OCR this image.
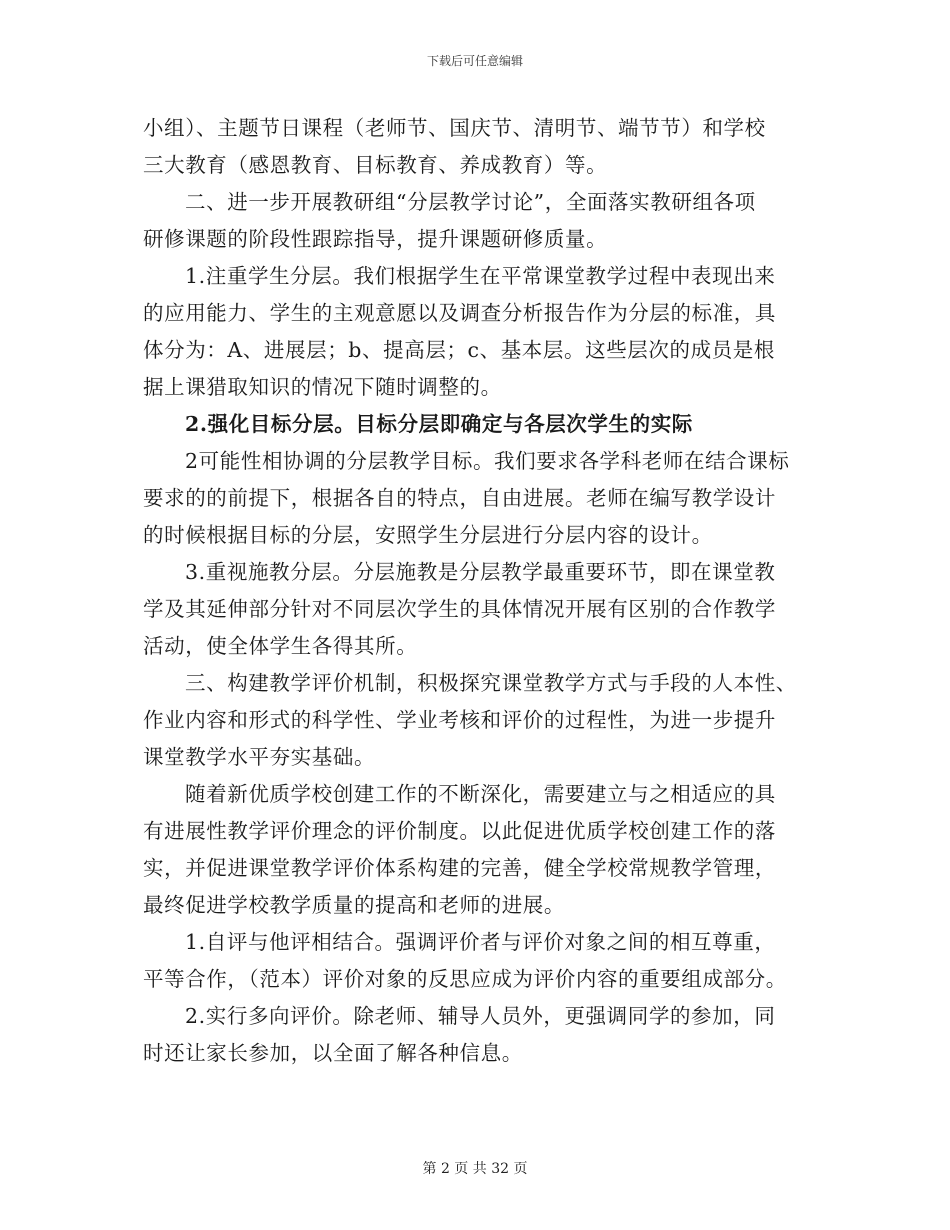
下载后可任意编辑

小组）、主题节日课程（老师节、国庆节、清明节、端节节）和学校
三大教育（感恩教育、目标教育、养成教育）等。

二、进一步开展教研组“分层教学讨论”，全面落实教研组各项
研修课题的阶段性跟踪指导，提升课题研修质量。

1.注重学生分层。我们根据学生在平常课堂教学过程中表现出来
的应用能力、学生的主观意愿以及调查分析报告作为分层的标准，具
体分为：A、进展层；b、提高层；c、基本层。这些层次的成员是根
据上课猎取知识的情况下随时调整的。

2.强化目标分层。目标分层即确定与各层次学生的实际

2可能性相协调的分层教学目标。我们要求各学科老师在结合课标
要求的的前提下，根据各自的特点，自由进展。老师在编写教学设计
的时候根据目标的分层，安照学生分层进行分层内容的设计。

3.重视施教分层。分层施教是分层教学最重要环节，即在课堂教
学及其延伸部分针对不同层次学生的具体情况开展有区别的合作教学
活动，使全体学生各得其所。

三、构建教学评价机制，积极探究课堂教学方式与手段的人本性、
作业内容和形式的科学性、学业考核和评价的过程性，为进一步提升
课堂教学水平夯实基础。

随着新优质学校创建工作的不断深化，需要建立与之相适应的具
有进展性教学评价理念的评价制度。以此促进优质学校创建工作的落
实，并促进课堂教学评价体系构建的完善，健全学校常规教学管理，
最终促进学校教学质量的提高和老师的进展。

1.自评与他评相结合。强调评价者与评价对象之间的相互尊重，
平等合作，（范本）评价对象的反思应成为评价内容的重要组成部分。

2.实行多向评价。除老师、辅导人员外，更强调同学的参加，同
时还让家长参加，以全面了解各种信息。

第 2 页 共 32 页
